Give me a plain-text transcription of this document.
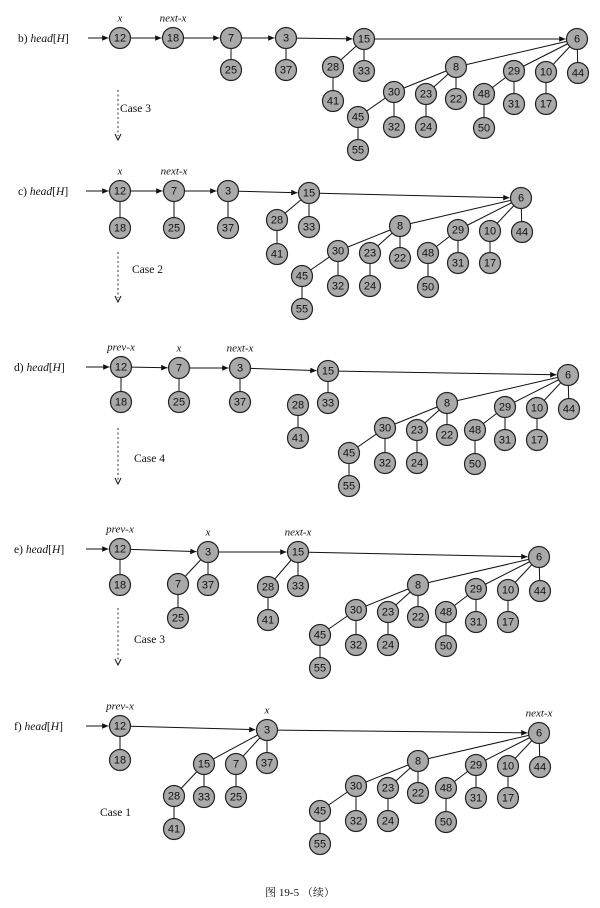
b) head[H]	12	18	7
25
3
37
15
28
41
33
6
8
30
45
55
32
23
24
22
29
48
50
31
10
17
44
x	next-x
Case 3
c) head[H]	12
18
7
25
3
37
15
28
41
33
6
8
30
45
55
32
23
24
22
29
48
50
31
10
17
44
x	next-x
Case 2
d) head[H]	12
18
7
25
3
37
15
28
41
33
6
8
30
45
55
32
23
24
22
29
48
50
31
10
17
44
prev-x	x	next-x
Case 4
e) head[H]	12
18
3
7
25
37
15
28
41
33
6
8
30
45
55
32
23
24
22
29
48
50
31
10
17
44
prev-x	x	next-x
Case 3
f) head[H]	12
18
3
15
28
41
33
7
25
37
6
8
30
45
55
32
23
24
22
29
48
50
31
10
17
44
prev-x	x	next-x
Case 1
图 19-5 （续）
